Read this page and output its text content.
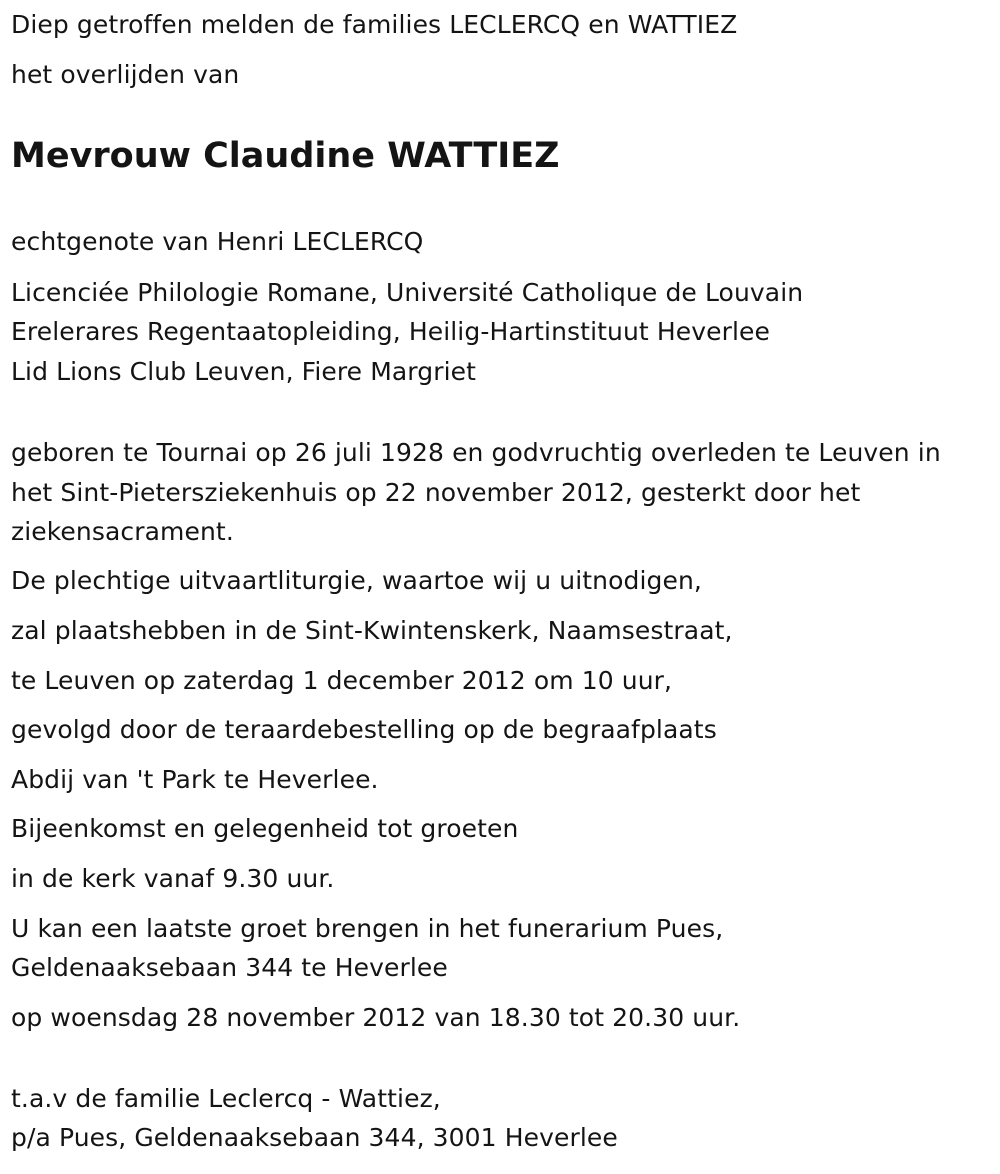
Diep getroffen melden de families LECLERCQ en WATTIEZ

het overlijden van

Mevrouw Claudine WATTIEZ

echtgenote van Henri LECLERCQ

Licenciée Philologie Romane, Université Catholique de Louvain

Erelerares Regentaatopleiding, Heilig-Hartinstituut Heverlee

Lid Lions Club Leuven, Fiere Margriet

geboren te Tournai op 26 juli 1928 en godvruchtig overleden te Leuven in

het Sint-Pietersziekenhuis op 22 november 2012, gesterkt door het

ziekensacrament.

De plechtige uitvaartliturgie, waartoe wij u uitnodigen,

zal plaatshebben in de Sint-Kwintenskerk, Naamsestraat,

te Leuven op zaterdag 1 december 2012 om 10 uur,

gevolgd door de teraardebestelling op de begraafplaats

Abdij van 't Park te Heverlee.

Bijeenkomst en gelegenheid tot groeten

in de kerk vanaf 9.30 uur.

U kan een laatste groet brengen in het funerarium Pues,

Geldenaaksebaan 344 te Heverlee

op woensdag 28 november 2012 van 18.30 tot 20.30 uur.

t.a.v de familie Leclercq - Wattiez,

p/a Pues, Geldenaaksebaan 344, 3001 Heverlee
